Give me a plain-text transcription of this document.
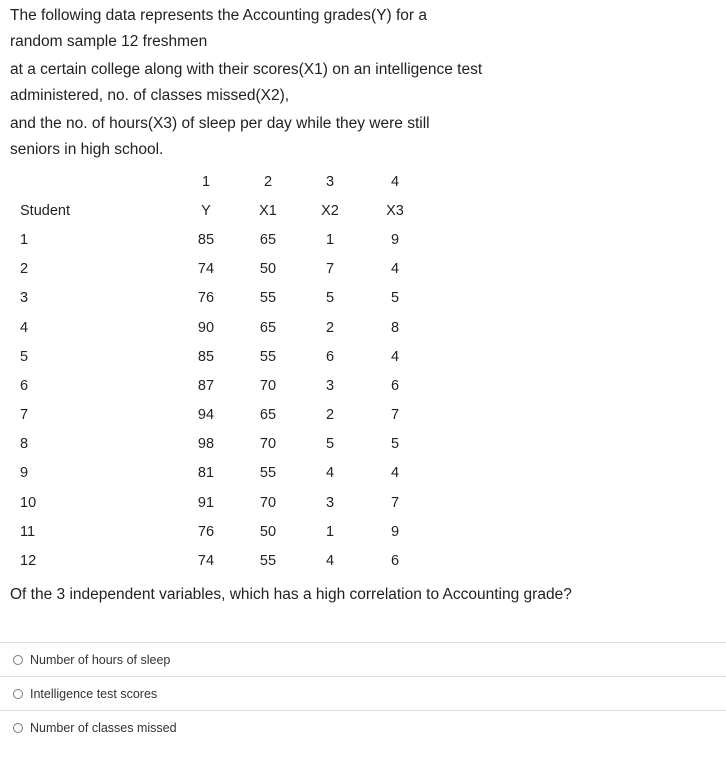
The following data represents the Accounting grades(Y) for a

random sample 12 freshmen

at a certain college along with their scores(X1) on an intelligence test

administered, no. of classes missed(X2),

and the no. of hours(X3) of sleep per day while they were still

seniors in high school.

	1	2	3	4
Student	Y	X1	X2	X3
1	85	65	1	9
2	74	50	7	4
3	76	55	5	5
4	90	65	2	8
5	85	55	6	4
6	87	70	3	6
7	94	65	2	7
8	98	70	5	5
9	81	55	4	4
10	91	70	3	7
11	76	50	1	9
12	74	55	4	6
Of the 3 independent variables, which has a high correlation to Accounting grade?
Number of hours of sleep
Intelligence test scores
Number of classes missed
